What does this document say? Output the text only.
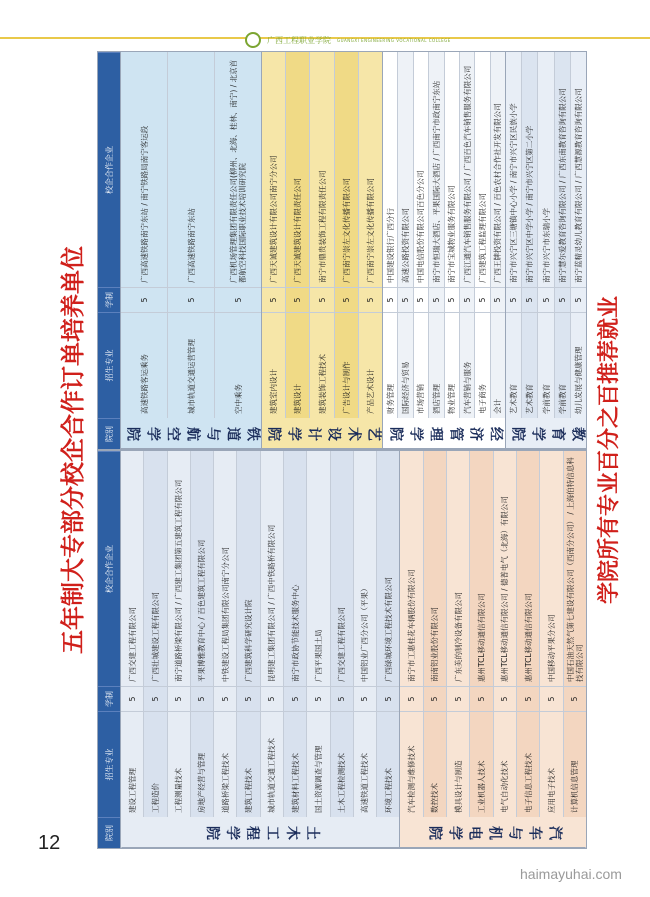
广西工程职业学院 GUANGXI ENGINEERING VOCATIONAL COLLEGE
五年制大专部分校企合作订单培养单位
院别
招生专业
学制
校企合作企业
土木工程学院
建设工程管理
5
广西交建工程有限公司
工程造价
5
广西壮城建设工程有限公司
工程测量技术
5
南宁道路桥梁有限公司 / 广西建工集团第五建筑工程有限公司
房地产经营与管理
5
平果博雅教育中心 / 百色建筑工程有限公司
道路桥梁工程技术
5
中铁建设工程局集团有限公司南宁分公司
建筑工程技术
5
广西建筑科学研究设计院
城市轨道交通工程技术
5
昆明建工集团有限公司 / 广西中铁路桥有限公司
建筑材料工程技术
5
南宁市政协节能技术服务中心
国土资源调查与管理
5
广西平果国土局
土木工程检测技术
5
广西交建工程有限公司
高速铁道工程技术
5
中国铝业广西分公司（平果）
环境工程技术
5
广西绿城环境工程技术有限公司
汽车与机电学院
汽车检测与维修技术
5
南宁市工惠桂花车辆股份有限公司
数控技术
5
南南铝业股份有限公司
模具设计与制造
5
广东美的制冷设备有限公司
工业机器人技术
5
惠州TCL移动通信有限公司
电气自动化技术
5
惠州TCL移动通信有限公司 / 德普电气（北海）有限公司
电子信息工程技术
5
惠州TCL移动通信有限公司
应用电子技术
5
中国移动平果分公司
计算机信息管理
5
中国石油天然气第七建设有限公司（西南分公司） / 上海伯特信息科技有限公司
院别
招生专业
学制
校企合作企业
铁道与航空学院
高速铁路客运乘务
5
广西高速铁路南宁东站 / 南宁铁路局南宁客运段
城市轨道交通运营管理
5
广西高速铁路南宁东站
空中乘务
5
广西机场管理集团有限责任公司(柳州、北海、桂林、南宁) / 北京首都航空科技国际职业技术培训研究院
艺术设计学院
建筑室内设计
5
广西天诚建筑设计有限公司南宁分公司
建筑设计
5
广西天诚建筑设计有限责任公司
建筑装饰工程技术
5
南宁市鼎贵装饰工程有限责任公司
广告设计与制作
5
广西南宁崇左文化传播有限公司
产品艺术设计
5
广西南宁崇左文化传播有限公司
经济管理学院
财务管理
5
中国建设银行广西分行
国际经济与贸易
5
高速公路投资有限公司
市场营销
5
中国电信股份有限公司百色分公司
酒店管理
5
南宁市恒瑞大酒店、平果国际大酒店 / 广西南宁市政南宁东站
物业管理
5
南宁市宝城物业服务有限公司
汽车营销与服务
5
广西江通汽车销售服务有限公司 / 广西百色汽车销售服务有限公司
电子商务
5
广西建筑工程监理有限公司
会计
5
广西王牌投资有限公司 / 百色农村合作社开发有限公司
教育学院
艺术教育
5
南宁市兴宁区三塘镇中心小学 / 南宁市兴宁区民族小学
艺术教育
5
南宁市兴宁区中学小学 / 南宁市兴宁区第二小学
学前教育
5
南宁市兴宁市东瑞小学
学前教育
5
南宁慧尔爱教育咨询有限公司 / 广西东南教育咨询有限公司
幼儿发展与健康管理
5
南宁蓝精灵幼儿教育有限公司 / 广西慧源教育咨询有限公司
学院所有专业百分之百推荐就业
12
haimayuhai.com
